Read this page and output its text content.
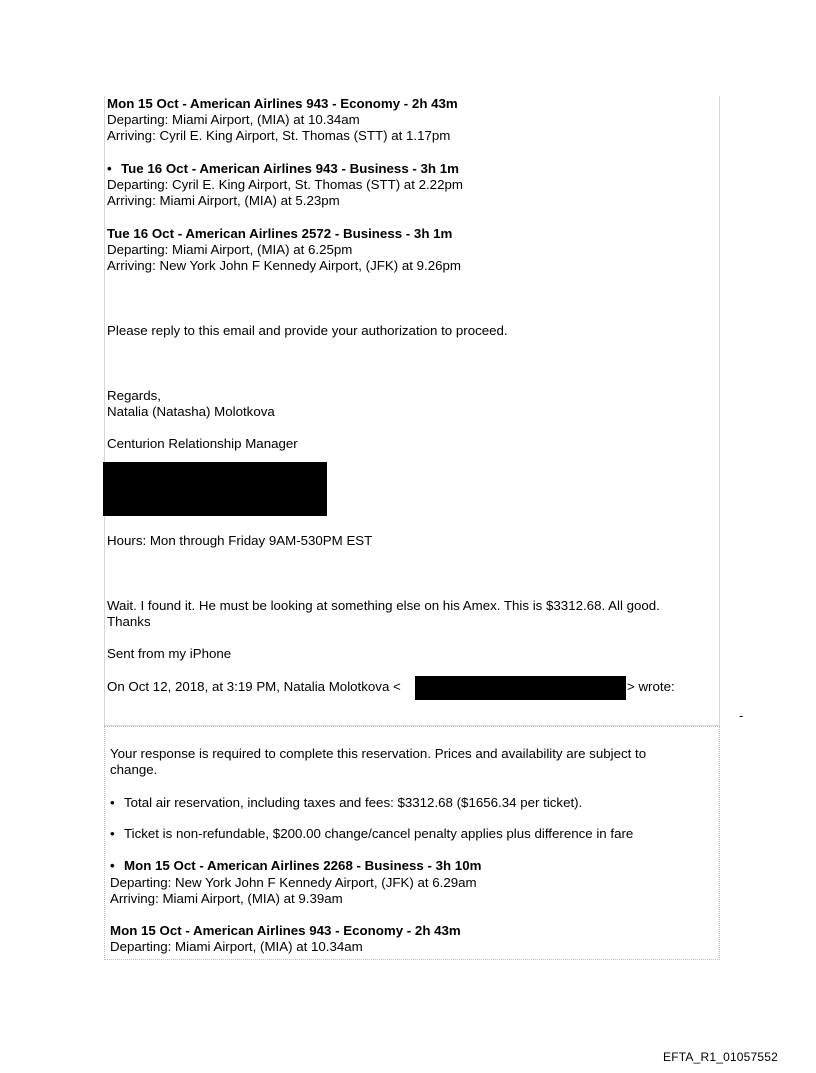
Mon 15 Oct - American Airlines 943 - Economy - 2h 43m
Departing: Miami Airport, (MIA) at 10.34am
Arriving: Cyril E. King Airport, St. Thomas (STT) at 1.17pm
• Tue 16 Oct - American Airlines 943 - Business - 3h 1m
Departing: Cyril E. King Airport, St. Thomas (STT) at 2.22pm
Arriving: Miami Airport, (MIA) at 5.23pm
Tue 16 Oct - American Airlines 2572 - Business - 3h 1m
Departing: Miami Airport, (MIA) at 6.25pm
Arriving: New York John F Kennedy Airport, (JFK) at 9.26pm
Please reply to this email and provide your authorization to proceed.
Regards,
Natalia (Natasha) Molotkova
Centurion Relationship Manager
Hours: Mon through Friday 9AM-530PM EST
Wait. I found it. He must be looking at something else on his Amex. This is $3312.68. All good.
Thanks
Sent from my iPhone
On Oct 12, 2018, at 3:19 PM, Natalia Molotkova <	> wrote:
-
Your response is required to complete this reservation. Prices and availability are subject to
change.
• Total air reservation, including taxes and fees: $3312.68 ($1656.34 per ticket).
• Ticket is non-refundable, $200.00 change/cancel penalty applies plus difference in fare
• Mon 15 Oct - American Airlines 2268 - Business - 3h 10m
Departing: New York John F Kennedy Airport, (JFK) at 6.29am
Arriving: Miami Airport, (MIA) at 9.39am
Mon 15 Oct - American Airlines 943 - Economy - 2h 43m
Departing: Miami Airport, (MIA) at 10.34am
EFTA_R1_01057552
